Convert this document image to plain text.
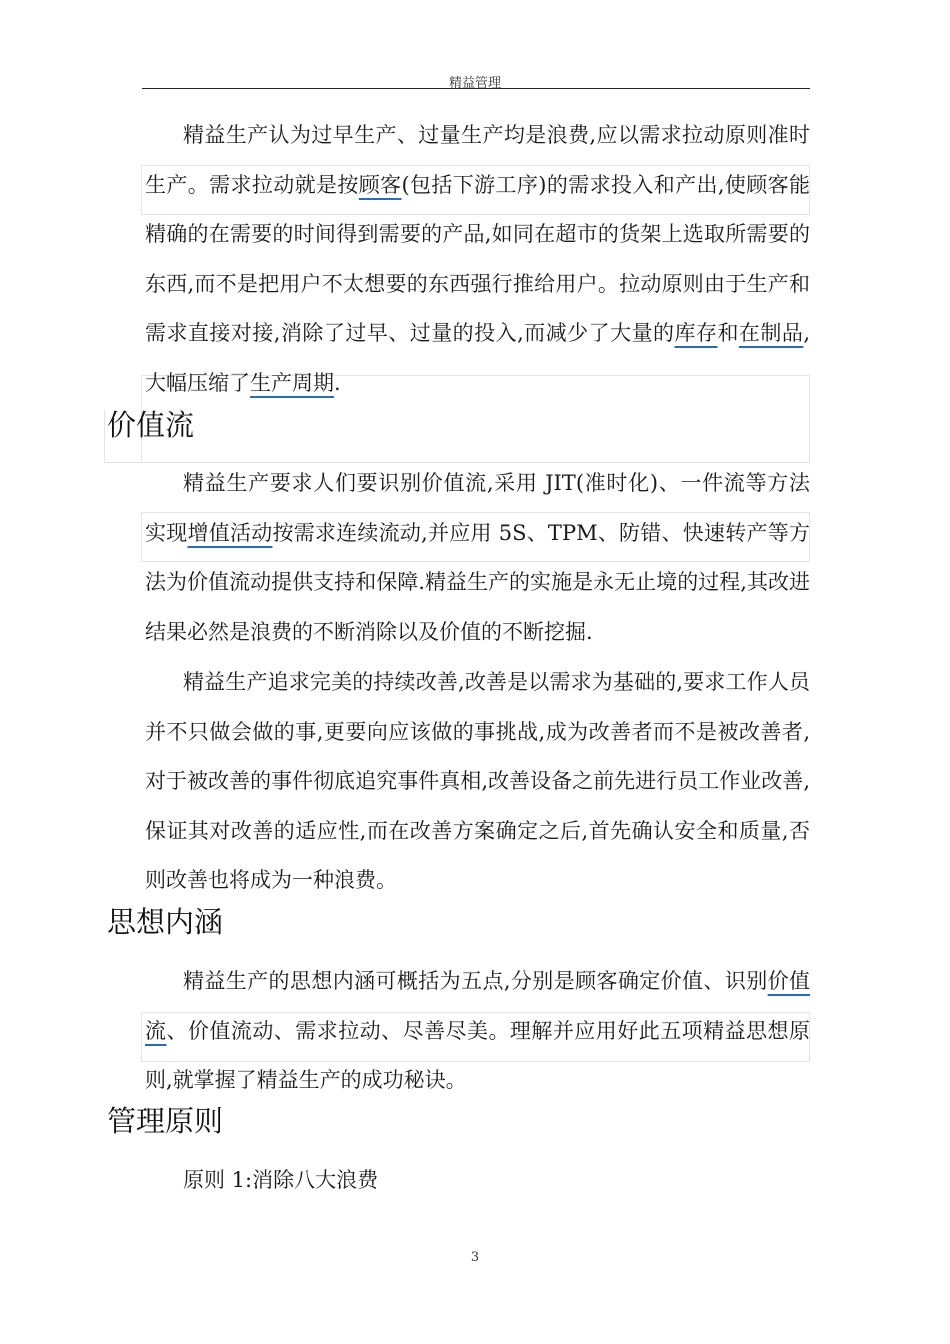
精益管理

精益生产认为过早生产、过量生产均是浪费,应以需求拉动原则准时生产。需求拉动就是按顾客(包括下游工序)的需求投入和产出,使顾客能精确的在需要的时间得到需要的产品,如同在超市的货架上选取所需要的东西,而不是把用户不太想要的东西强行推给用户。拉动原则由于生产和需求直接对接,消除了过早、过量的投入,而减少了大量的库存和在制品,大幅压缩了生产周期.

价值流

精益生产要求人们要识别价值流,采用 JIT(准时化)、一件流等方法实现增值活动按需求连续流动,并应用 5S、TPM、防错、快速转产等方法为价值流动提供支持和保障.精益生产的实施是永无止境的过程,其改进结果必然是浪费的不断消除以及价值的不断挖掘.

精益生产追求完美的持续改善,改善是以需求为基础的,要求工作人员并不只做会做的事,更要向应该做的事挑战,成为改善者而不是被改善者,对于被改善的事件彻底追究事件真相,改善设备之前先进行员工作业改善,保证其对改善的适应性,而在改善方案确定之后,首先确认安全和质量,否则改善也将成为一种浪费。

思想内涵

精益生产的思想内涵可概括为五点,分别是顾客确定价值、识别价值流、价值流动、需求拉动、尽善尽美。理解并应用好此五项精益思想原则,就掌握了精益生产的成功秘诀。

管理原则

原则 1:消除八大浪费

3
